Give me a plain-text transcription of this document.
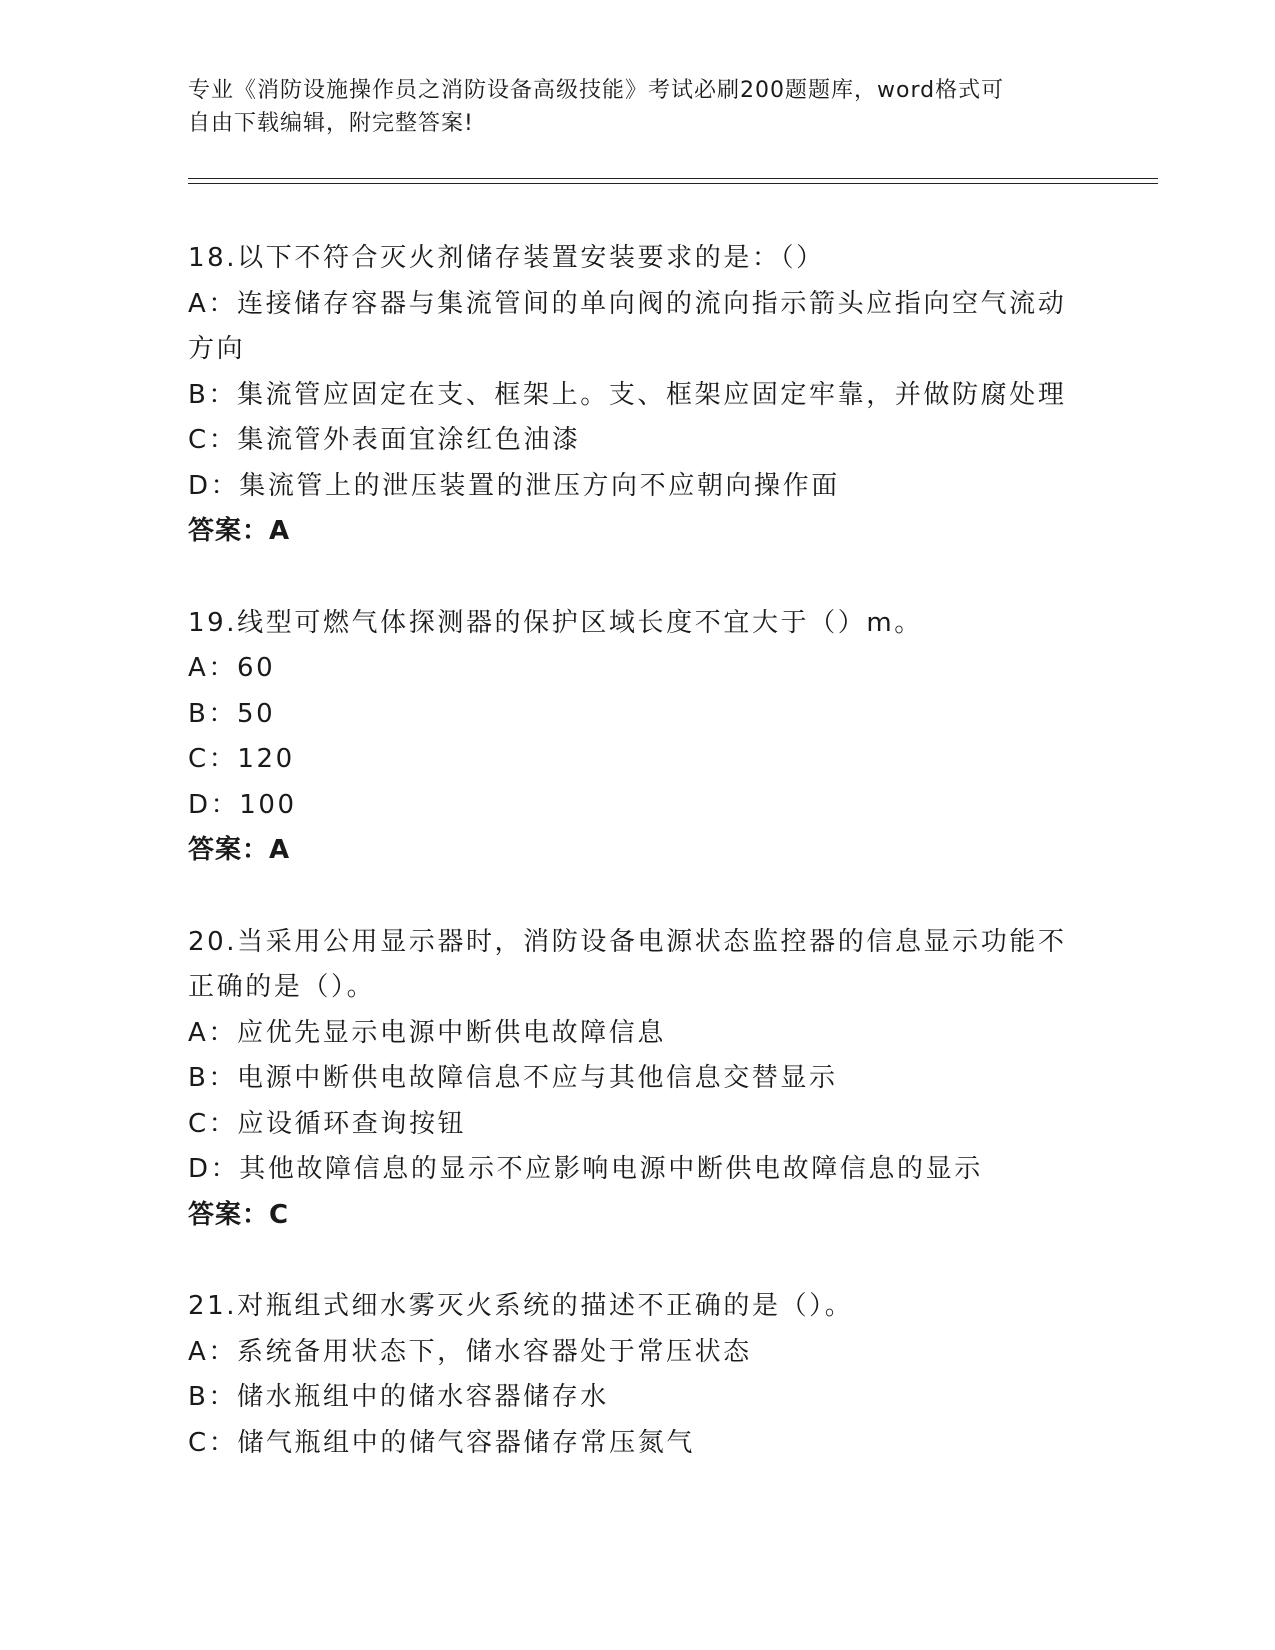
专业《消防设施操作员之消防设备高级技能》考试必刷200题题库，word格式可
自由下载编辑，附完整答案!
18.以下不符合灭火剂储存装置安装要求的是：（）
A：连接储存容器与集流管间的单向阀的流向指示箭头应指向空气流动
方向
B：集流管应固定在支、框架上。支、框架应固定牢靠，并做防腐处理
C：集流管外表面宜涂红色油漆
D：集流管上的泄压装置的泄压方向不应朝向操作面
答案：A
19.线型可燃气体探测器的保护区域长度不宜大于（）m。
A：60
B：50
C：120
D：100
答案：A
20.当采用公用显示器时，消防设备电源状态监控器的信息显示功能不
正确的是（）。
A：应优先显示电源中断供电故障信息
B：电源中断供电故障信息不应与其他信息交替显示
C：应设循环查询按钮
D：其他故障信息的显示不应影响电源中断供电故障信息的显示
答案：C
21.对瓶组式细水雾灭火系统的描述不正确的是（）。
A：系统备用状态下，储水容器处于常压状态
B：储水瓶组中的储水容器储存水
C：储气瓶组中的储气容器储存常压氮气
